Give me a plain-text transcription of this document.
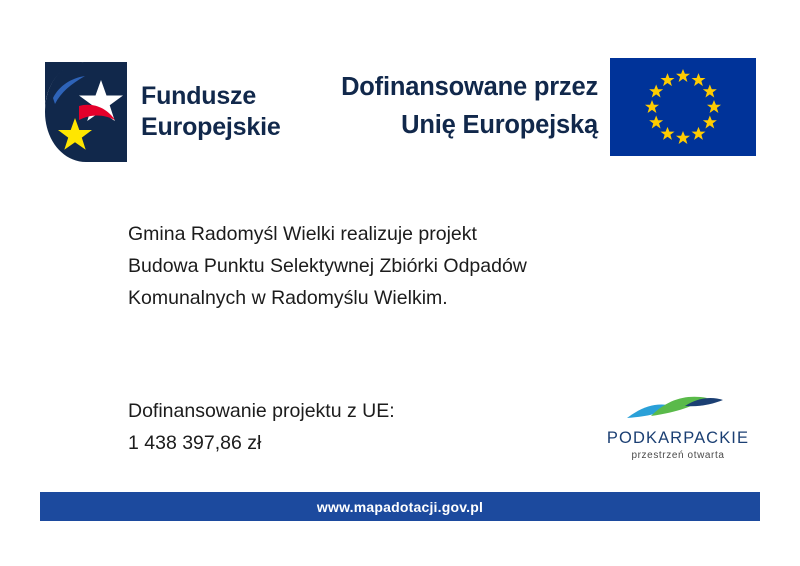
Fundusze
Europejskie
Dofinansowane przez
Unię Europejską
Gmina Radomyśl Wielki realizuje projekt
Budowa Punktu Selektywnej Zbiórki Odpadów
Komunalnych w Radomyślu Wielkim.
Dofinansowanie projektu z UE:
1 438 397,86 zł	PODKARPACKIE
przestrzeń otwarta
www.mapadotacji.gov.pl
